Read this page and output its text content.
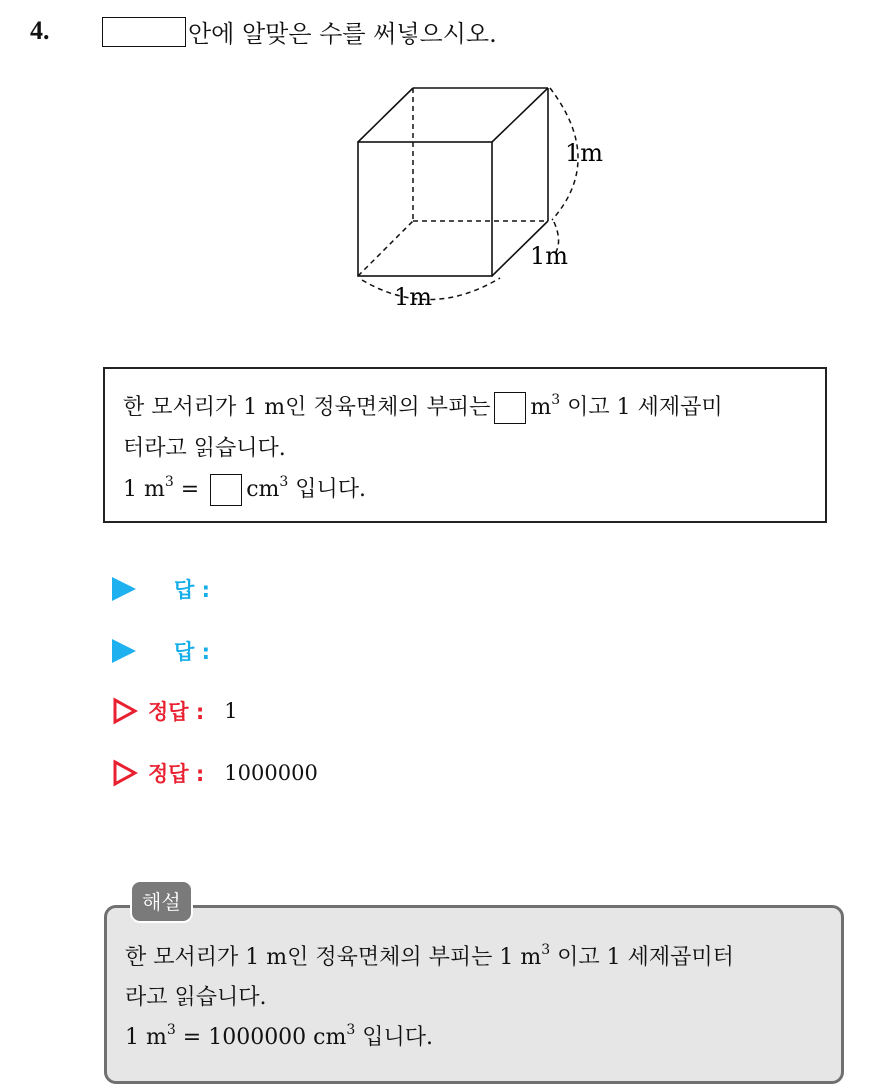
4.	안에 알맞은 수를 써넣으시오.
1m
1m
1m
한 모서리가 1 m인 정육면체의 부피는 $m^3$ 이고 1 세제곱미
터라고 읽습니다.
1 $m^3 = cm^3$ 입니다.
답 :
답 :
정답 : 1
정답 : 1000000
한 모서리가 1 m인 정육면체의 부피는 1 $m^3$ 이고 1 세제곱미터
라고 읽습니다.
1 $m^3 = 1000000$ $cm^3$ 입니다.
해설
